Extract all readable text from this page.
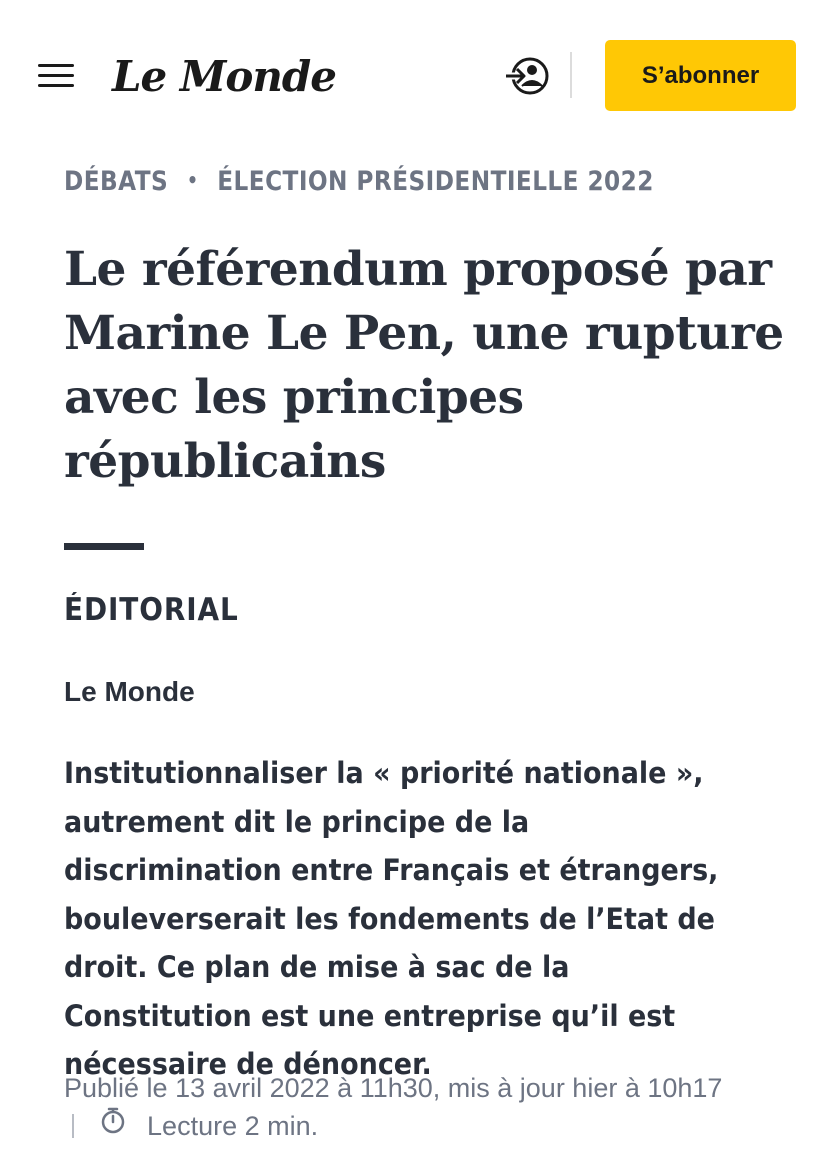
Le Monde	S’abonner
DÉBATS • ÉLECTION PRÉSIDENTIELLE 2022
Le référendum proposé par Marine Le Pen, une rupture avec les principes républicains
ÉDITORIAL
Le Monde

Institutionnaliser la « priorité nationale », autrement dit le principe de la discrimination entre Français et étrangers, bouleverserait les fondements de l’Etat de droit. Ce plan de mise à sac de la Constitution est une entreprise qu’il est nécessaire de dénoncer.

Publié le 13 avril 2022 à 11h30, mis à jour hier à 10h17
Lecture 2 min.
